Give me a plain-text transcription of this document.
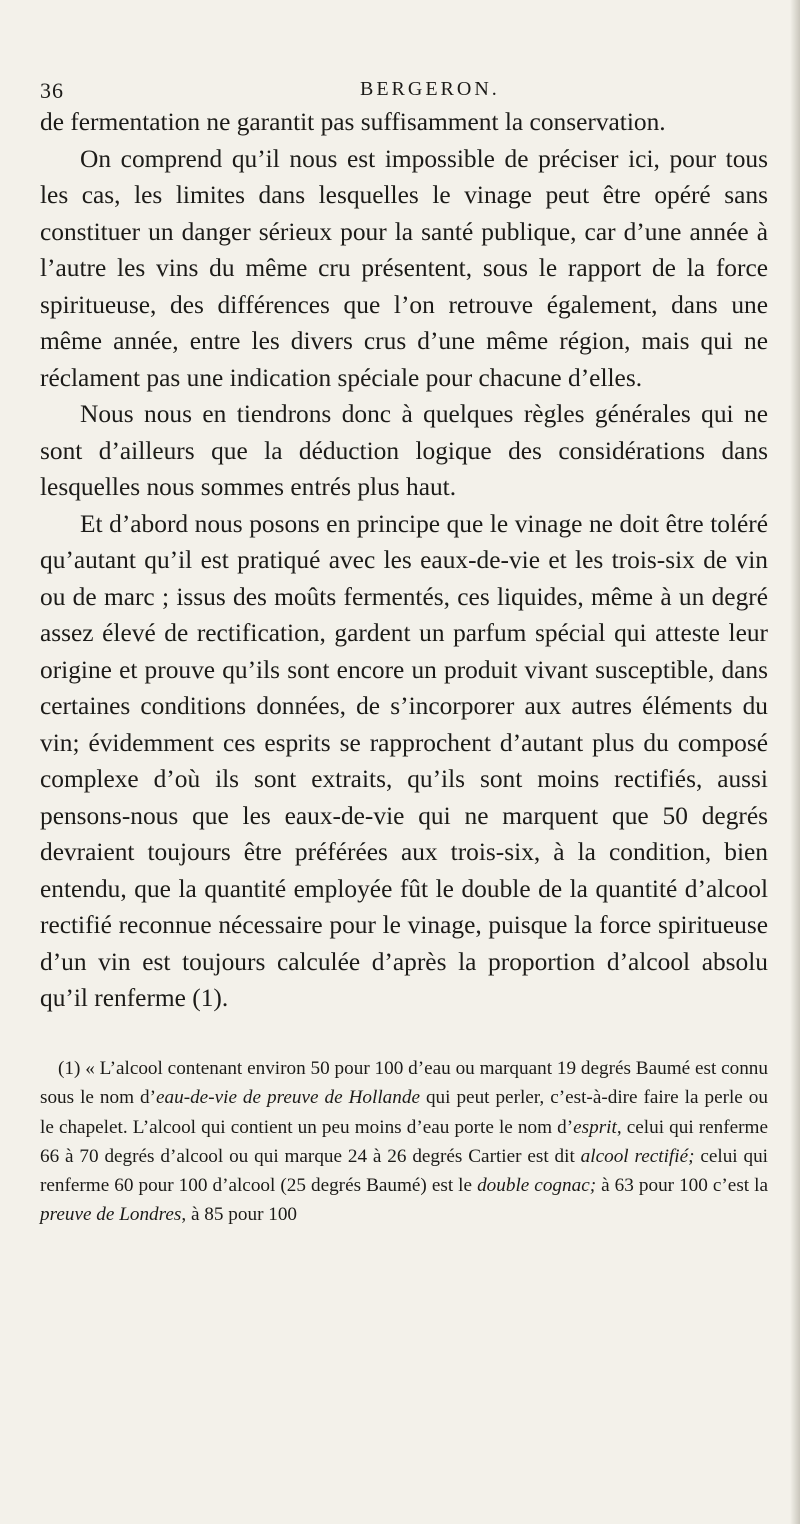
36	BERGERON.

de fermentation ne garantit pas suffisamment la conservation.

On comprend qu’il nous est impossible de préciser ici, pour tous les cas, les limites dans lesquelles le vinage peut être opéré sans constituer un danger sérieux pour la santé publique, car d’une année à l’autre les vins du même cru présentent, sous le rapport de la force spiritueuse, des différences que l’on retrouve également, dans une même année, entre les divers crus d’une même région, mais qui ne réclament pas une indication spéciale pour chacune d’elles.

Nous nous en tiendrons donc à quelques règles générales qui ne sont d’ailleurs que la déduction logique des considérations dans lesquelles nous sommes entrés plus haut.

Et d’abord nous posons en principe que le vinage ne doit être toléré qu’autant qu’il est pratiqué avec les eaux-de-vie et les trois-six de vin ou de marc ; issus des moûts fermentés, ces liquides, même à un degré assez élevé de rectification, gardent un parfum spécial qui atteste leur origine et prouve qu’ils sont encore un produit vivant susceptible, dans certaines conditions données, de s’incorporer aux autres éléments du vin; évidemment ces esprits se rapprochent d’autant plus du composé complexe d’où ils sont extraits, qu’ils sont moins rectifiés, aussi pensons-nous que les eaux-de-vie qui ne marquent que 50 degrés devraient toujours être préférées aux trois-six, à la condition, bien entendu, que la quantité employée fût le double de la quantité d’alcool rectifié reconnue nécessaire pour le vinage, puisque la force spiritueuse d’un vin est toujours calculée d’après la proportion d’alcool absolu qu’il renferme (1).

(1) « L’alcool contenant environ 50 pour 100 d’eau ou marquant 19 degrés Baumé est connu sous le nom d’eau-de-vie de preuve de Hollande qui peut perler, c’est-à-dire faire la perle ou le chapelet. L’alcool qui contient un peu moins d’eau porte le nom d’esprit, celui qui renferme 66 à 70 degrés d’alcool ou qui marque 24 à 26 degrés Cartier est dit alcool rectifié; celui qui renferme 60 pour 100 d’alcool (25 degrés Baumé) est le double cognac; à 63 pour 100 c’est la preuve de Londres, à 85 pour 100
